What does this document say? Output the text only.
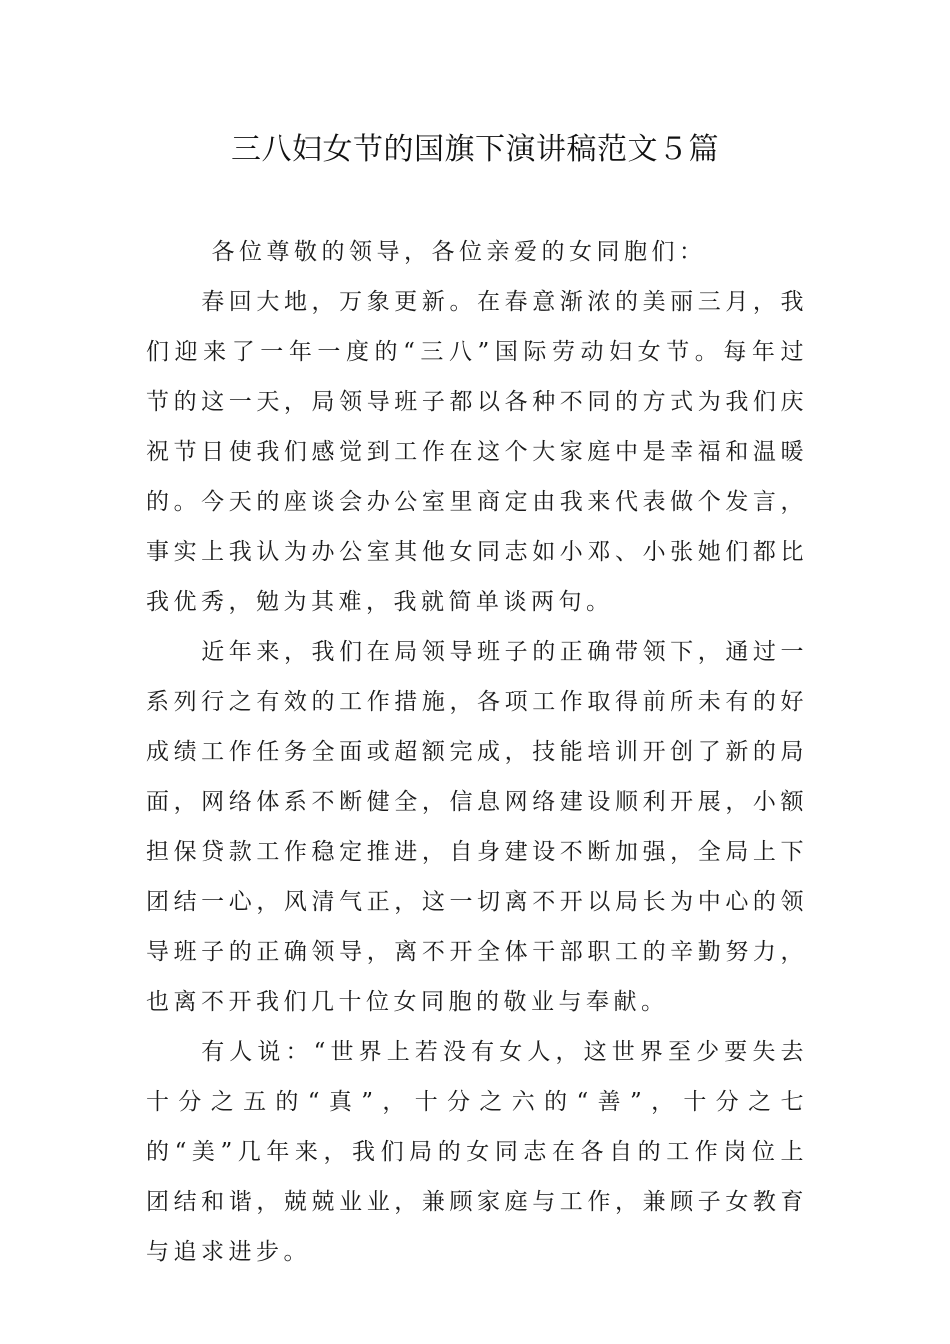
三八妇女节的国旗下演讲稿范文５篇

各位尊敬的领导，各位亲爱的女同胞们：

春回大地，万象更新。在春意渐浓的美丽三月，我们迎来了一年一度的“三八”国际劳动妇女节。每年过节的这一天，局领导班子都以各种不同的方式为我们庆祝节日使我们感觉到工作在这个大家庭中是幸福和温暖的。今天的座谈会办公室里商定由我来代表做个发言，事实上我认为办公室其他女同志如小邓、小张她们都比我优秀，勉为其难，我就简单谈两句。

近年来，我们在局领导班子的正确带领下，通过一系列行之有效的工作措施，各项工作取得前所未有的好成绩工作任务全面或超额完成，技能培训开创了新的局面，网络体系不断健全，信息网络建设顺利开展，小额担保贷款工作稳定推进，自身建设不断加强，全局上下团结一心，风清气正，这一切离不开以局长为中心的领导班子的正确领导，离不开全体干部职工的辛勤努力，也离不开我们几十位女同胞的敬业与奉献。

有人说：“世界上若没有女人，这世界至少要失去十分之五的“真”，十分之六的“善”，十分之七的“美”几年来，我们局的女同志在各自的工作岗位上团结和谐，兢兢业业，兼顾家庭与工作，兼顾子女教育与追求进步。
